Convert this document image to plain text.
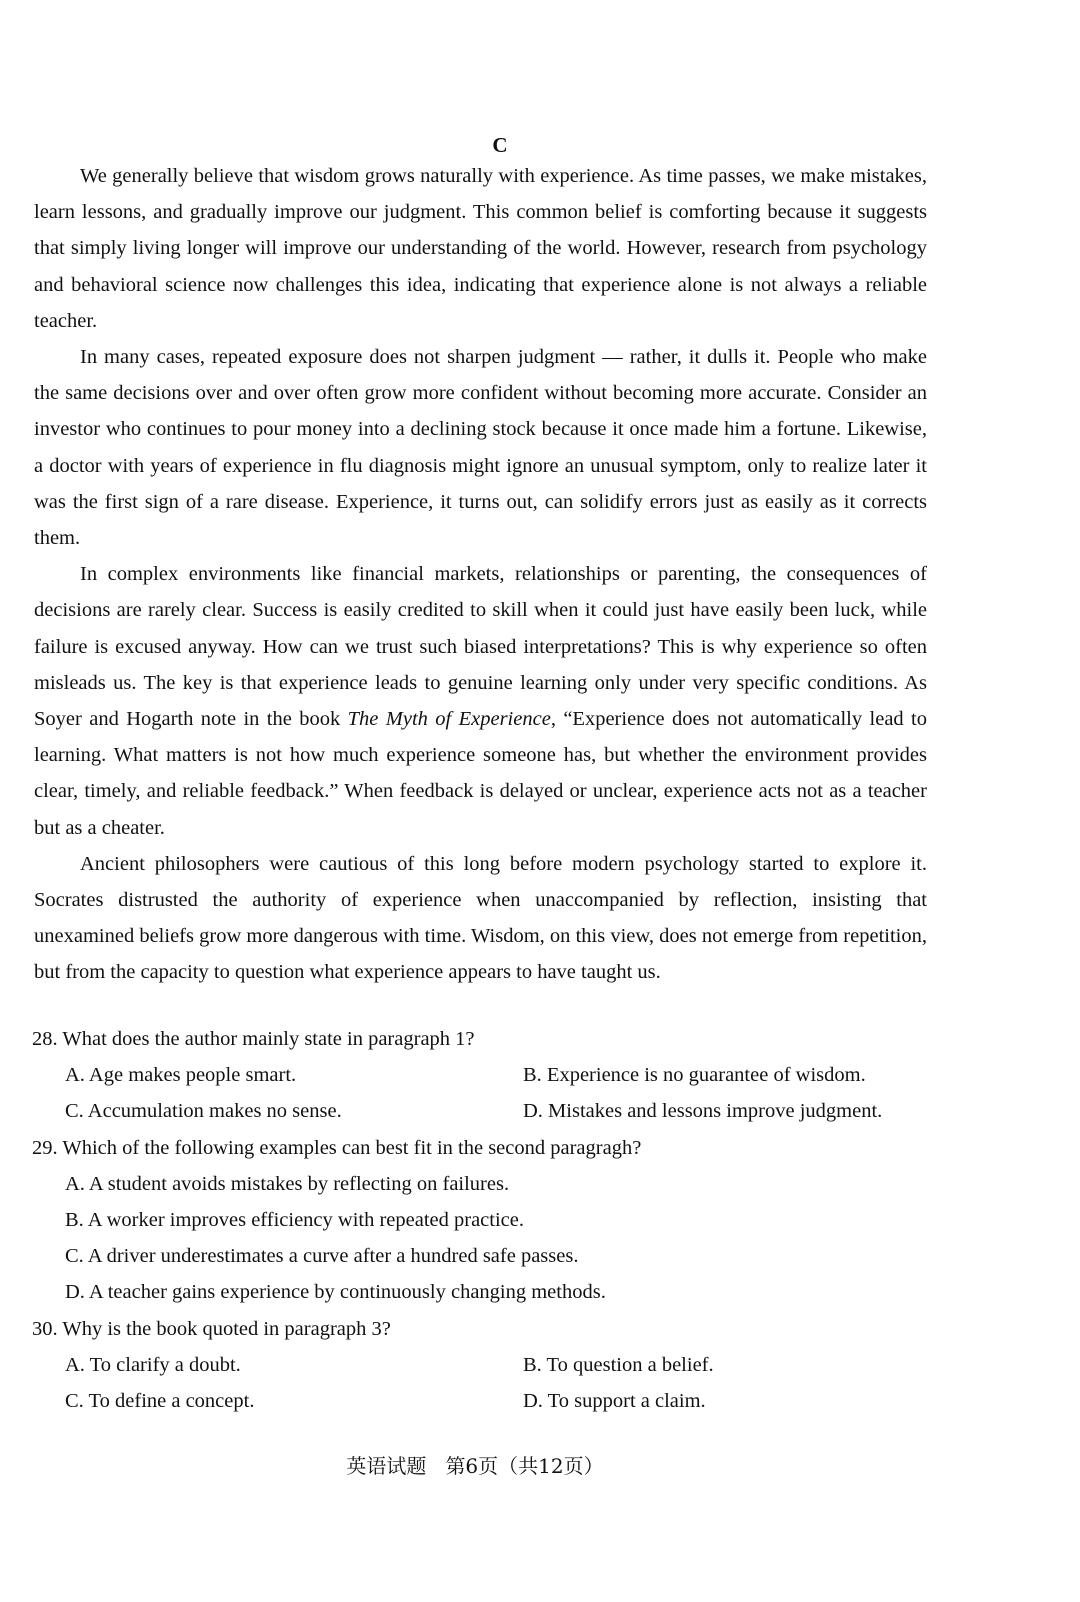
C

We generally believe that wisdom grows naturally with experience. As time passes, we make mistakes, learn lessons, and gradually improve our judgment. This common belief is comforting because it suggests that simply living longer will improve our understanding of the world. However, research from psychology and behavioral science now challenges this idea, indicating that experience alone is not always a reliable teacher.

In many cases, repeated exposure does not sharpen judgment — rather, it dulls it. People who make the same decisions over and over often grow more confident without becoming more accurate. Consider an investor who continues to pour money into a declining stock because it once made him a fortune. Likewise, a doctor with years of experience in flu diagnosis might ignore an unusual symptom, only to realize later it was the first sign of a rare disease. Experience, it turns out, can solidify errors just as easily as it corrects them.

In complex environments like financial markets, relationships or parenting, the consequences of decisions are rarely clear. Success is easily credited to skill when it could just have easily been luck, while failure is excused anyway. How can we trust such biased interpretations? This is why experience so often misleads us. The key is that experience leads to genuine learning only under very specific conditions. As Soyer and Hogarth note in the book The Myth of Experience, “Experience does not automatically lead to learning. What matters is not how much experience someone has, but whether the environment provides clear, timely, and reliable feedback.” When feedback is delayed or unclear, experience acts not as a teacher but as a cheater.

Ancient philosophers were cautious of this long before modern psychology started to explore it. Socrates distrusted the authority of experience when unaccompanied by reflection, insisting that unexamined beliefs grow more dangerous with time. Wisdom, on this view, does not emerge from repetition, but from the capacity to question what experience appears to have taught us.

28. What does the author mainly state in paragraph 1?

A. Age makes people smart.	B. Experience is no guarantee of wisdom.
C. Accumulation makes no sense.	D. Mistakes and lessons improve judgment.

29. Which of the following examples can best fit in the second paragragh?

A. A student avoids mistakes by reflecting on failures.

B. A worker improves efficiency with repeated practice.

C. A driver underestimates a curve after a hundred safe passes.

D. A teacher gains experience by continuously changing methods.

30. Why is the book quoted in paragraph 3?

A. To clarify a doubt.	B. To question a belief.
C. To define a concept.	D. To support a claim.
英语试题 第6页（共12页）
